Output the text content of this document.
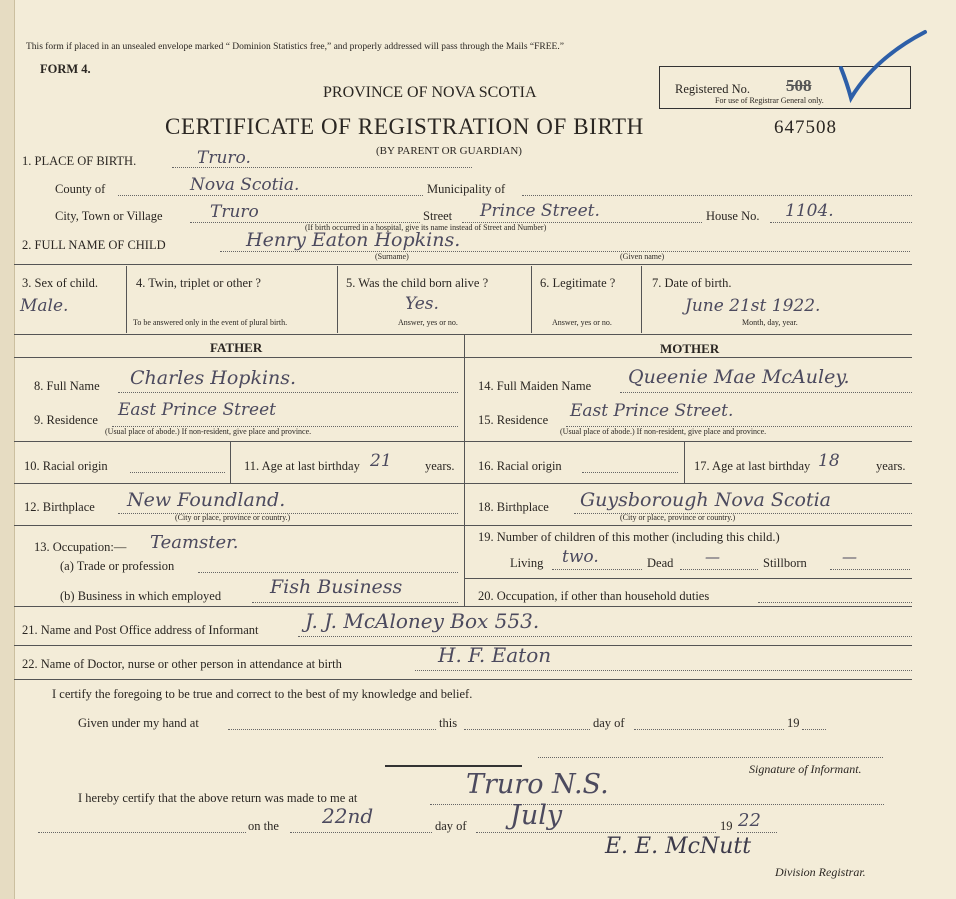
This form if placed in an unsealed envelope marked “ Dominion Statistics free,” and properly addressed will pass through the Mails “FREE.”
FORM 4.
PROVINCE OF NOVA SCOTIA	Registered No. 508
For use of Registrar General only.
CERTIFICATE OF REGISTRATION OF BIRTH	647508
(BY PARENT OR GUARDIAN)
1. PLACE OF BIRTH.	Truro.
County of	Nova Scotia.	Municipality of
City, Town or Village	Truro	Street Prince Street.	House No. 1104.
(If birth occurred in a hospital, give its name instead of Street and Number)
2. FULL NAME OF CHILD	Henry Eaton Hopkins.
(Surname)	(Given name)
3. Sex of child.
Male.
4. Twin, triplet or other ?
To be answered only in the event of plural birth.
5. Was the child born alive ?
Yes.
Answer, yes or no.
6. Legitimate ?
Answer, yes or no.
7. Date of birth.
June 21st 1922.
Month, day, year.
FATHER	MOTHER
8. Full Name Charles Hopkins.
9. Residence East Prince Street
(Usual place of abode.) If non-resident, give place and province.
10. Racial origin	11. Age at last birthday 21	years.
12. Birthplace New Foundland.
(City or place, province or country.)
13. Occupation:— Teamster.
(a) Trade or profession
(b) Business in which employed	Fish Business
14. Full Maiden Name Queenie Mae McAuley.
15. Residence East Prince Street.
(Usual place of abode.) If non-resident, give place and province.
16. Racial origin	17. Age at last birthday 18	years.
18. Birthplace Guysborough Nova Scotia
(City or place, province or country.)
19. Number of children of this mother (including this child.)
Living two.	Dead —	Stillborn —
20. Occupation, if other than household duties
21. Name and Post Office address of Informant J. J. McAloney Box 553.
22. Name of Doctor, nurse or other person in attendance at birth	H. F. Eaton
I certify the foregoing to be true and correct to the best of my knowledge and belief.
Given under my hand at	this	day of	19
Signature of Informant.
I hereby certify that the above return was made to me at	Truro N.S.
on the 22nd	day of July	19 22
E. E. McNutt
Division Registrar.
